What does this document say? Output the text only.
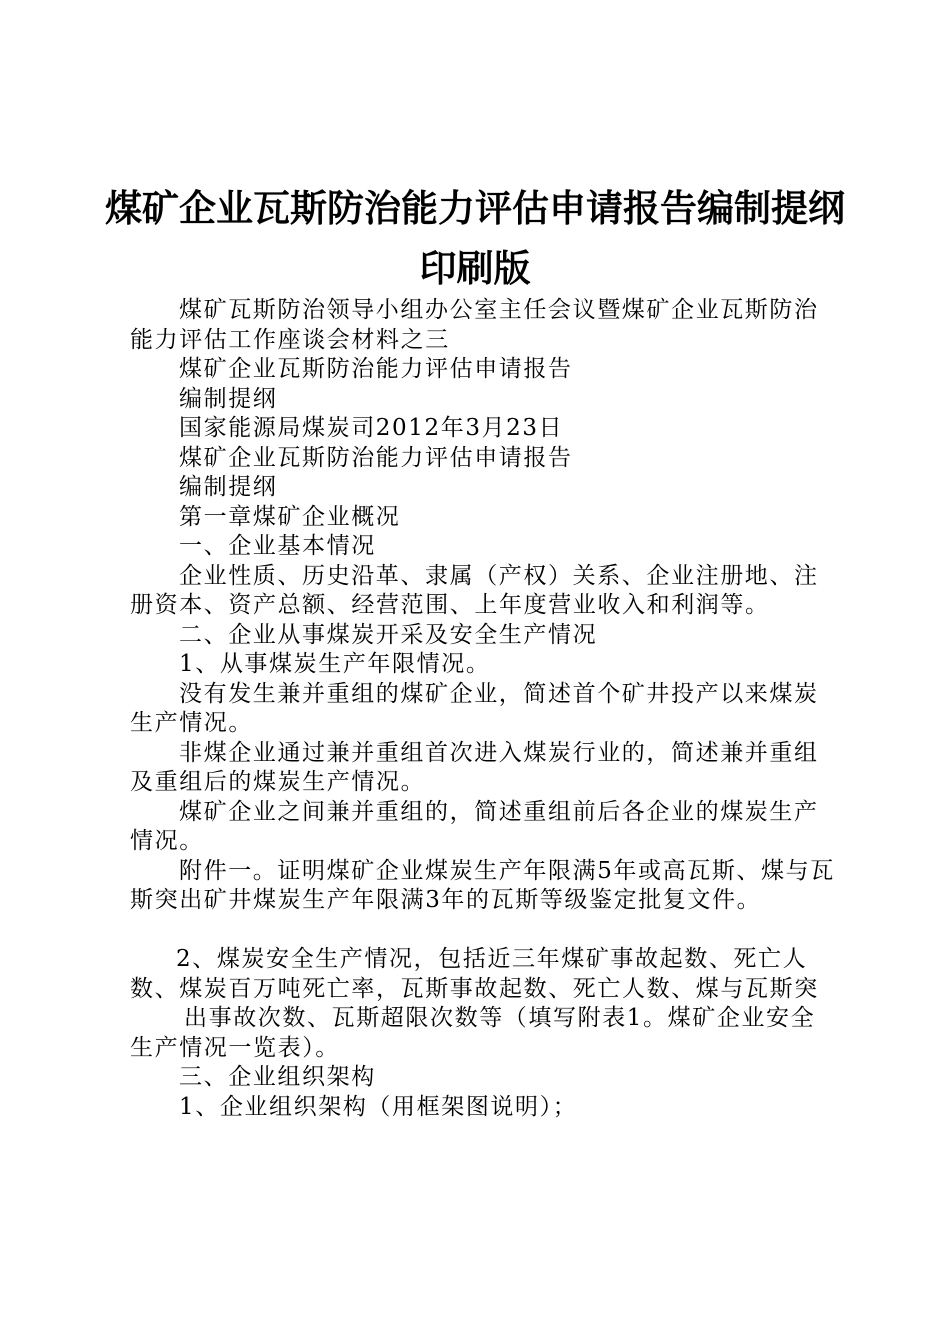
煤矿企业瓦斯防治能力评估申请报告编制提纲
印刷版

煤矿瓦斯防治领导小组办公室主任会议暨煤矿企业瓦斯防治能力评估工作座谈会材料之三

煤矿企业瓦斯防治能力评估申请报告

编制提纲

国家能源局煤炭司2012年3月23日

煤矿企业瓦斯防治能力评估申请报告

编制提纲

第一章煤矿企业概况

一、企业基本情况

企业性质、历史沿革、隶属（产权）关系、企业注册地、注册资本、资产总额、经营范围、上年度营业收入和利润等。

二、企业从事煤炭开采及安全生产情况

1、从事煤炭生产年限情况。

没有发生兼并重组的煤矿企业，简述首个矿井投产以来煤炭生产情况。

非煤企业通过兼并重组首次进入煤炭行业的，简述兼并重组及重组后的煤炭生产情况。

煤矿企业之间兼并重组的，简述重组前后各企业的煤炭生产情况。

附件一。证明煤矿企业煤炭生产年限满5年或高瓦斯、煤与瓦斯突出矿井煤炭生产年限满3年的瓦斯等级鉴定批复文件。

2、煤炭安全生产情况，包括近三年煤矿事故起数、死亡人数、煤炭百万吨死亡率，瓦斯事故起数、死亡人数、煤与瓦斯突

出事故次数、瓦斯超限次数等（填写附表1。煤矿企业安全生产情况一览表）。

三、企业组织架构

1、企业组织架构（用框架图说明）；
